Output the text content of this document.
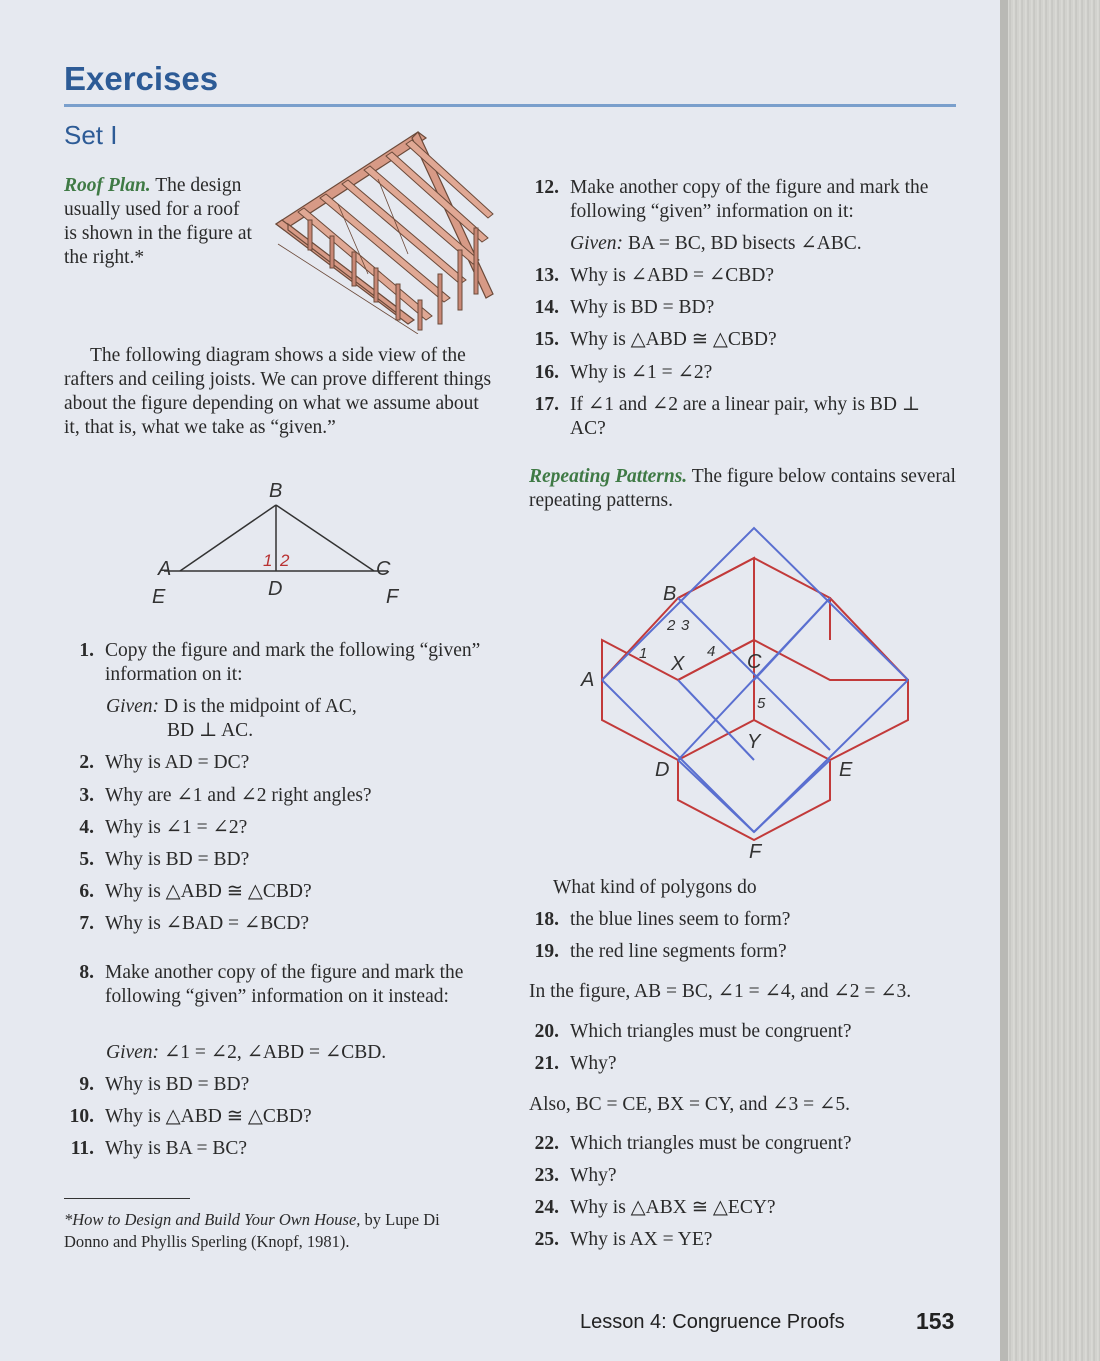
Exercises
Set I
Roof Plan. The design usually used for a roof is shown in the figure at the right.*
The following diagram shows a side view of the rafters and ceiling joists. We can prove different things about the figure depending on what we assume about it, that is, what we take as “given.”
B
A	C
E	D	F
1 2
1. Copy the figure and mark the following “given” information on it:
Given: D is the midpoint of AC,
BD ⊥ AC.
2. Why is AD = DC?
3. Why are ∠1 and ∠2 right angles?
4. Why is ∠1 = ∠2?
5. Why is BD = BD?
6. Why is △ABD ≅ △CBD?
7. Why is ∠BAD = ∠BCD?
8. Make another copy of the figure and mark the following “given” information on it instead:
Given: ∠1 = ∠2, ∠ABD = ∠CBD.
9. Why is BD = BD?
10. Why is △ABD ≅ △CBD?
11. Why is BA = BC?
*How to Design and Build Your Own House, by Lupe Di Donno and Phyllis Sperling (Knopf, 1981).
12. Make another copy of the figure and mark the following “given” information on it:
Given: BA = BC, BD bisects ∠ABC.
13. Why is ∠ABD = ∠CBD?
14. Why is BD = BD?
15. Why is △ABD ≅ △CBD?
16. Why is ∠1 = ∠2?
17. If ∠1 and ∠2 are a linear pair, why is BD ⊥ AC?
Repeating Patterns. The figure below contains several repeating patterns.
B
A
C
X
Y
D	E
F
1
2 3
4
5
What kind of polygons do
18. the blue lines seem to form?
19. the red line segments form?
In the figure, AB = BC, ∠1 = ∠4, and ∠2 = ∠3.
20. Which triangles must be congruent?
21. Why?
Also, BC = CE, BX = CY, and ∠3 = ∠5.
22. Which triangles must be congruent?
23. Why?
24. Why is △ABX ≅ △ECY?
25. Why is AX = YE?
Lesson 4: Congruence Proofs	153
